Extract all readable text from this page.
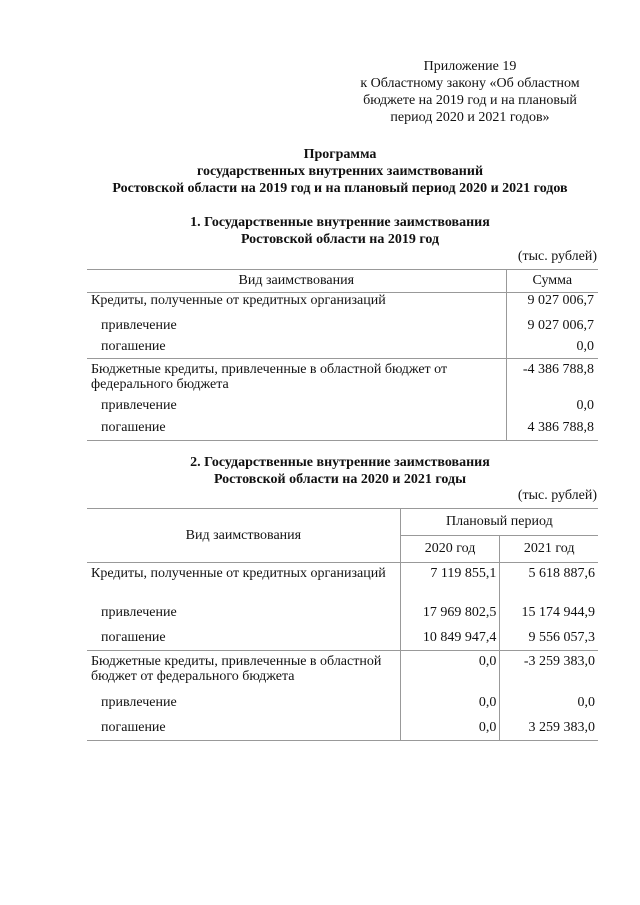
Приложение 19
к Областному закону «Об областном
бюджете на 2019 год и на плановый
период 2020 и 2021 годов»
Программа
государственных внутренних заимствований
Ростовской области на 2019 год и на плановый период 2020 и 2021 годов
1. Государственные внутренние заимствования
Ростовской области на 2019 год
(тыс. рублей)
Вид заимствования	Сумма
Кредиты, полученные от кредитных организаций	9 027 006,7
привлечение	9 027 006,7
погашение	0,0
Бюджетные кредиты, привлеченные в областной бюджет от федерального бюджета	-4 386 788,8
привлечение	0,0
погашение	4 386 788,8
2. Государственные внутренние заимствования
Ростовской области на 2020 и 2021 годы
(тыс. рублей)
Вид заимствования	Плановый период	
	2020 год	2021 год
Кредиты, полученные от кредитных организаций	7 119 855,1	5 618 887,6
привлечение	17 969 802,5	15 174 944,9
погашение	10 849 947,4	9 556 057,3
Бюджетные кредиты, привлеченные в областной бюджет от федерального бюджета	0,0	-3 259 383,0
привлечение	0,0	0,0
погашение	0,0	3 259 383,0
